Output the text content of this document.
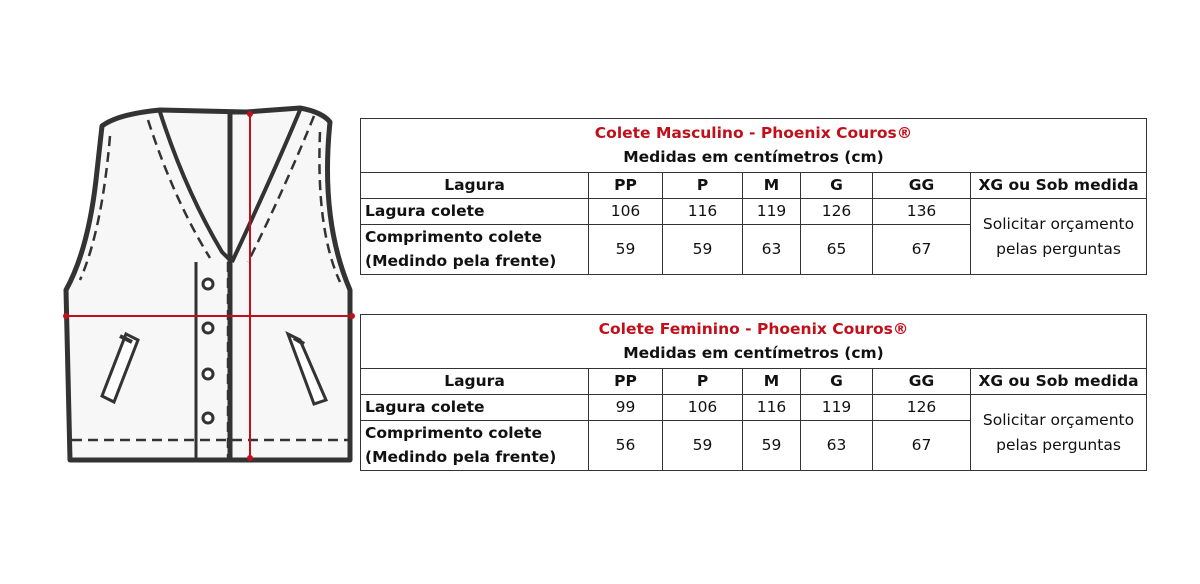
Colete Masculino - Phoenix Couros®
Medidas em centímetros (cm)						

Lagura	PP	P	M	G	GG	XG ou Sob medida
Lagura colete	106	116	119	126	136	Solicitar orçamento
pelas perguntas

Comprimento colete
(Medindo pela frente)	59	59	63	65	67	
Colete Feminino - Phoenix Couros®
Medidas em centímetros (cm)						

Lagura	PP	P	M	G	GG	XG ou Sob medida
Lagura colete	99	106	116	119	126	Solicitar orçamento
pelas perguntas

Comprimento colete
(Medindo pela frente)	56	59	59	63	67	
